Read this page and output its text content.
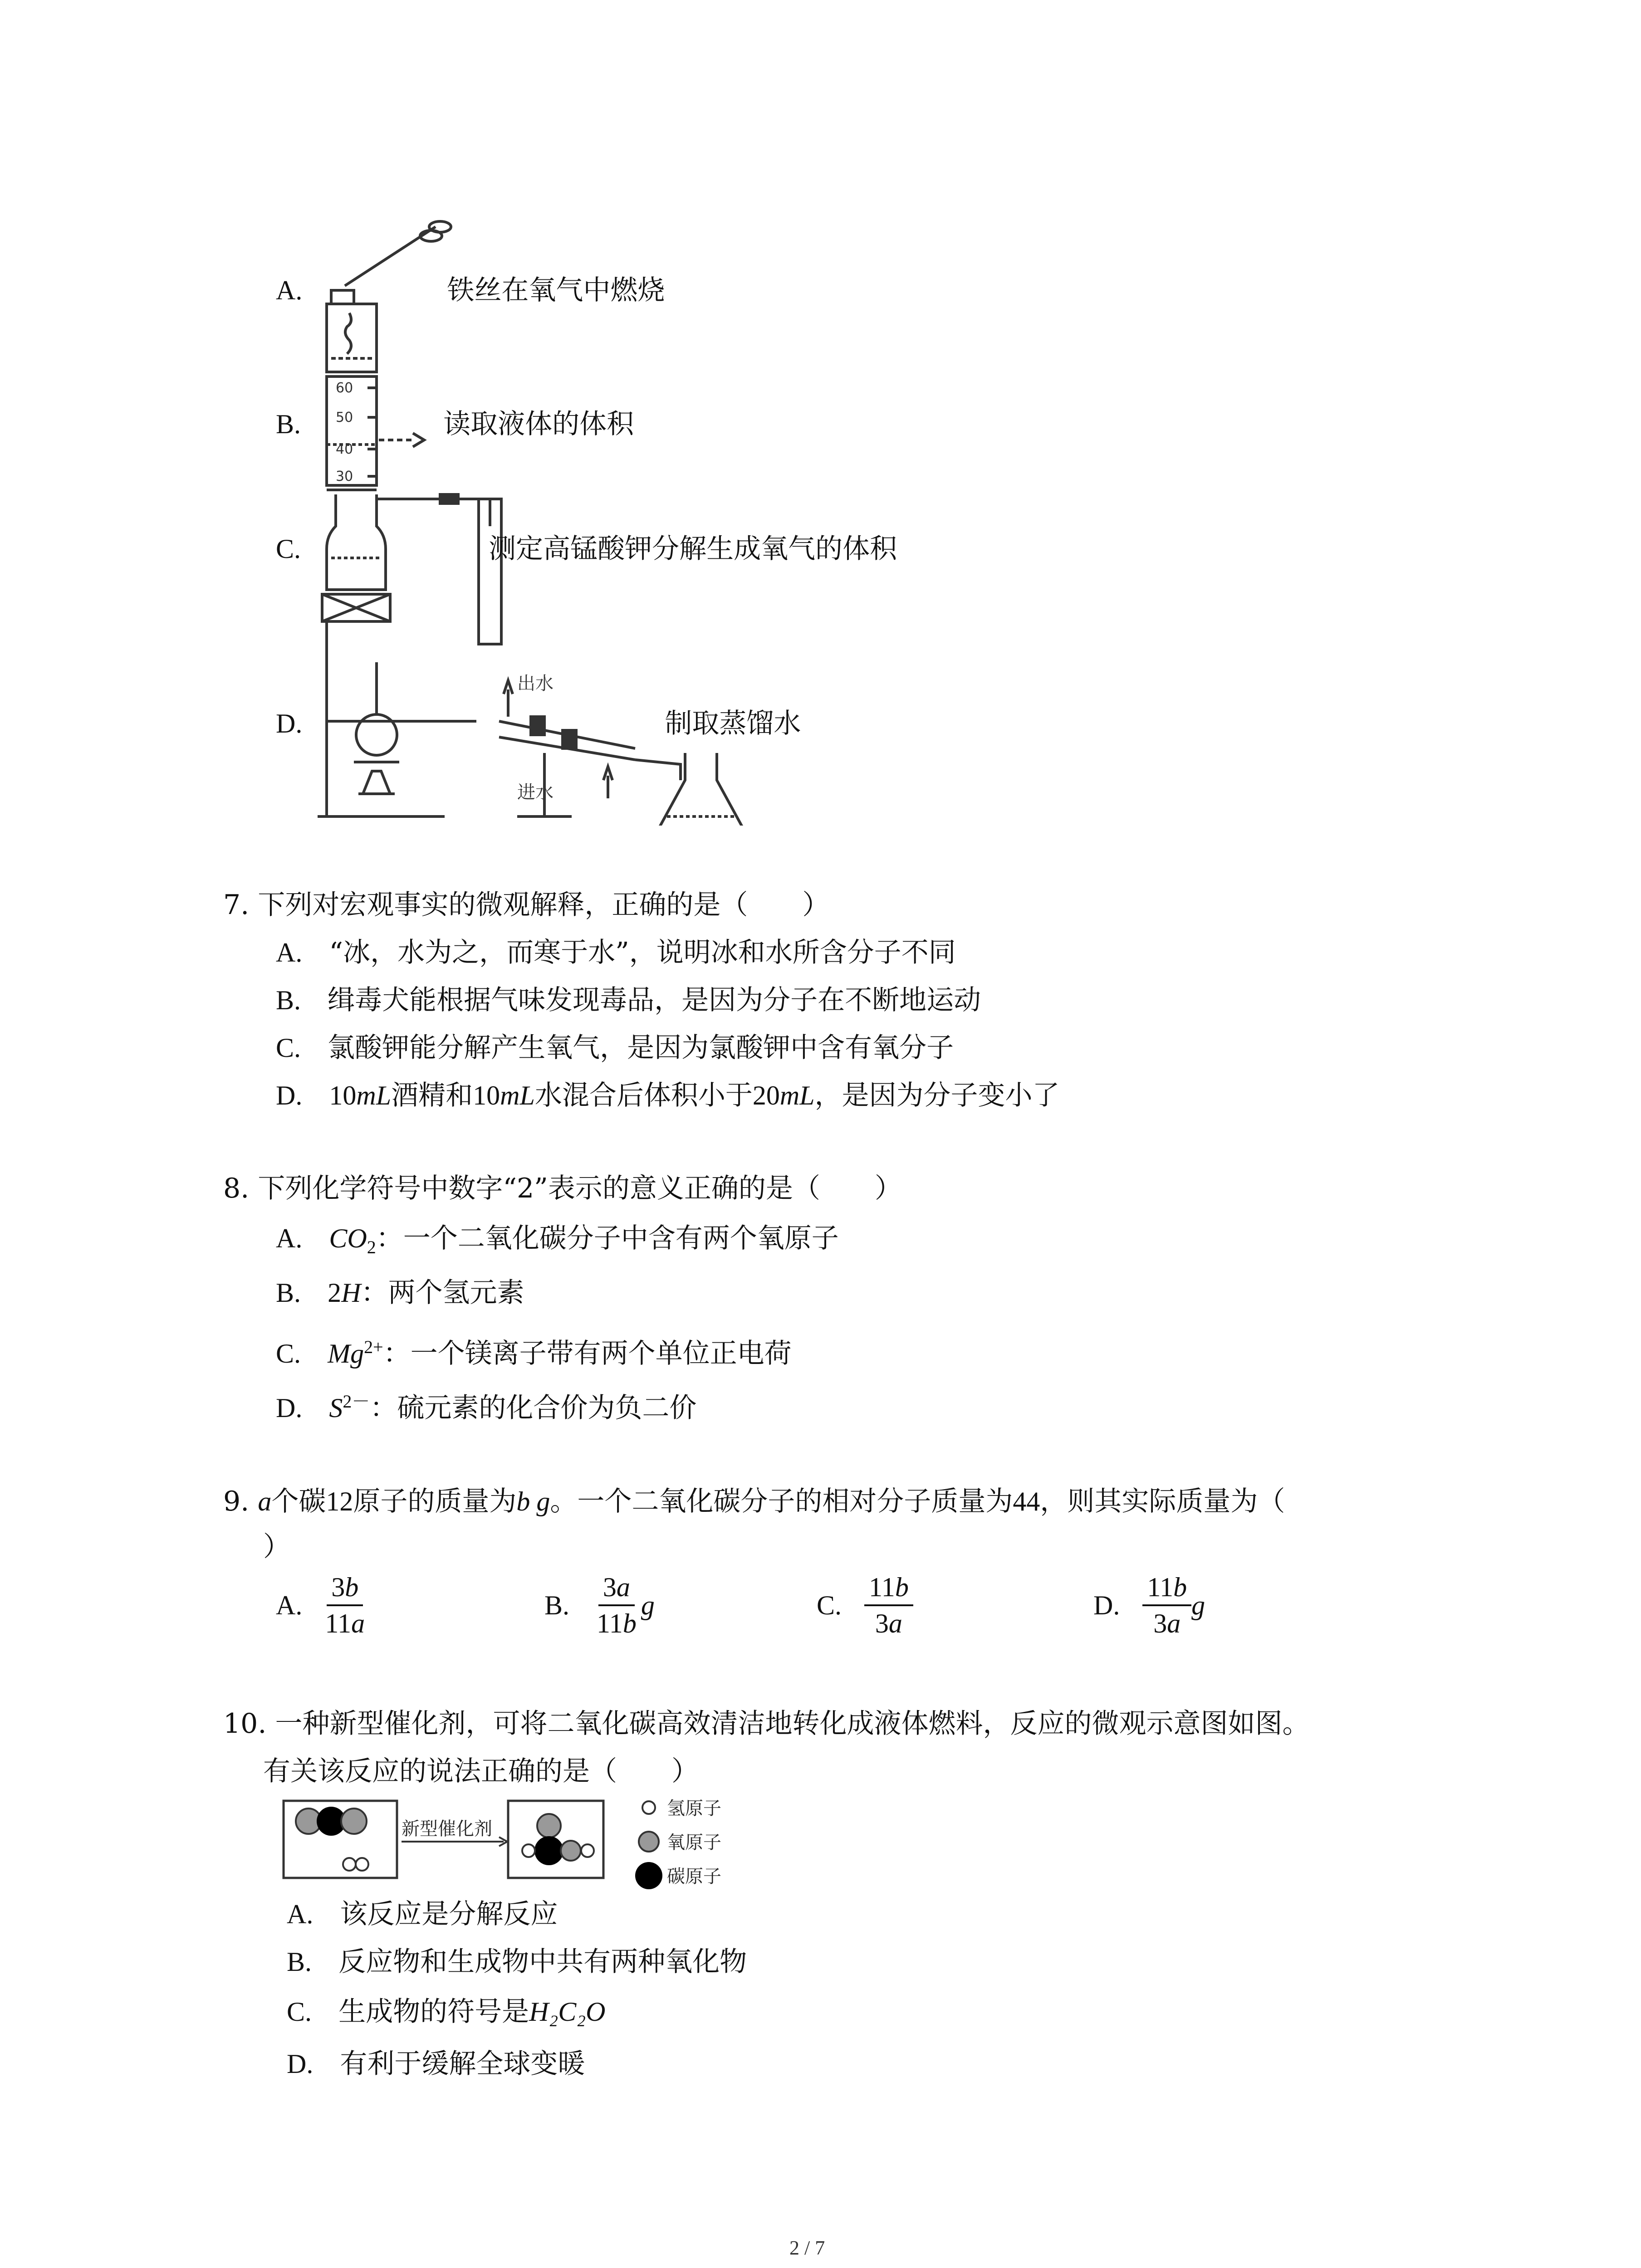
60
50
40
30
出水
进水
A.	铁丝在氧气中燃烧
B.	读取液体的体积
C.	测定高锰酸钾分解生成氧气的体积
D.	制取蒸馏水
7. 下列对宏观事实的微观解释，正确的是（　　）
A. “冰，水为之，而寒于水”，说明冰和水所含分子不同
B. 缉毒犬能根据气味发现毒品，是因为分子在不断地运动
C. 氯酸钾能分解产生氧气，是因为氯酸钾中含有氧分子
D. 10mL酒精和10mL水混合后体积小于20mL，是因为分子变小了
8. 下列化学符号中数字“2”表示的意义正确的是（　　）
A. $CO_2$：一个二氧化碳分子中含有两个氧原子
B. 2H：两个氢元素
C. $Mg^{2+}$：一个镁离子带有两个单位正电荷
D. $S^{2-}$：硫元素的化合价为负二价
9. a个碳12原子的质量为b g。一个二氧化碳分子的相对分子质量为44，则其实际质量为（
）
A. $\frac{3b}{11a}$	B. $\frac{3a}{11b}$ g	C. $\frac{11b}{3a}$	D. $\frac{11b}{3a}$ g
10. 一种新型催化剂，可将二氧化碳高效清洁地转化成液体燃料，反应的微观示意图如图。
有关该反应的说法正确的是（　　）
新型催化剂
氢原子
氧原子
碳原子
A. 该反应是分解反应
B. 反应物和生成物中共有两种氧化物
C. 生成物的符号是H₂C₂O
D. 有利于缓解全球变暖
2 / 7
